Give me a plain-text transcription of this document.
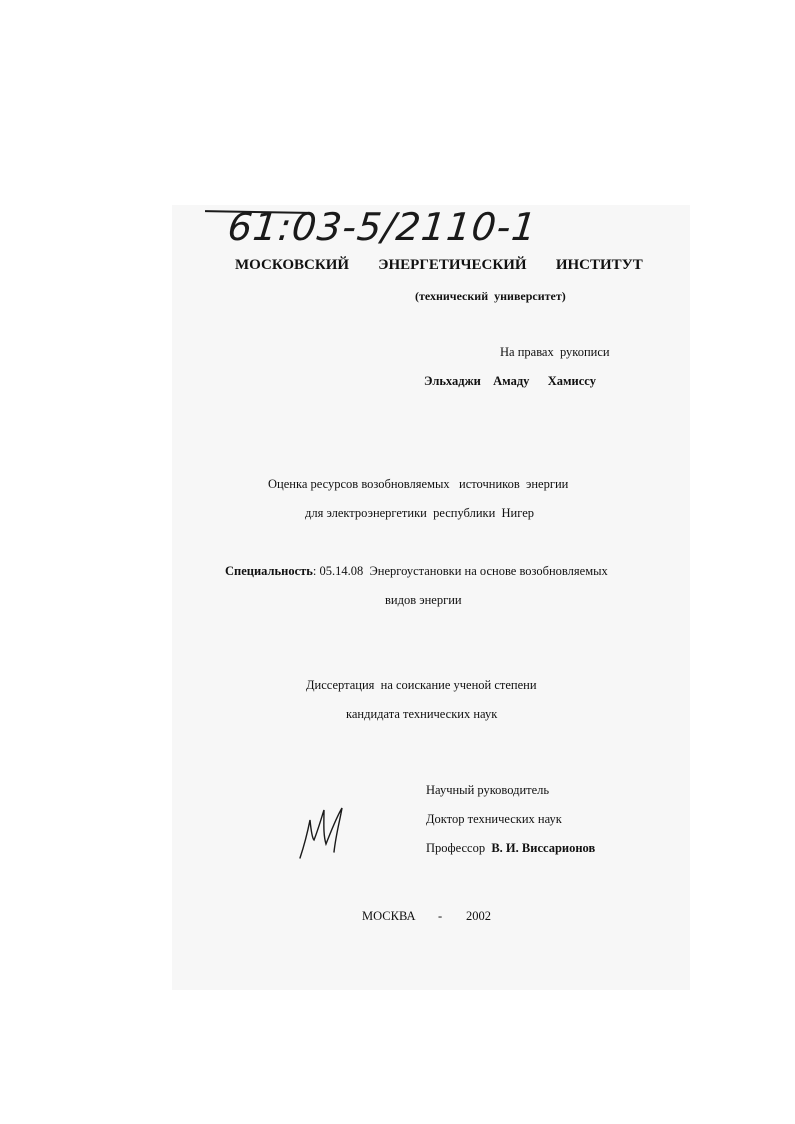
61:03-5/2110-1
МОСКОВСКИЙ   ЭНЕРГЕТИЧЕСКИЙ   ИНСТИТУТ
(технический  университет)
На правах  рукописи
Эльхаджи  Амаду   Хамиссу
Оценка ресурсов возобновляемых   источников  энергии
для электроэнергетики  республики  Нигер
Специальность: 05.14.08  Энергоустановки на основе возобновляемых
видов энергии
Диссертация  на соискание ученой степени
кандидата технических наук
Научный руководитель
Доктор технических наук
Профессор  В. И. Виссарионов
МОСКВА - 2002
